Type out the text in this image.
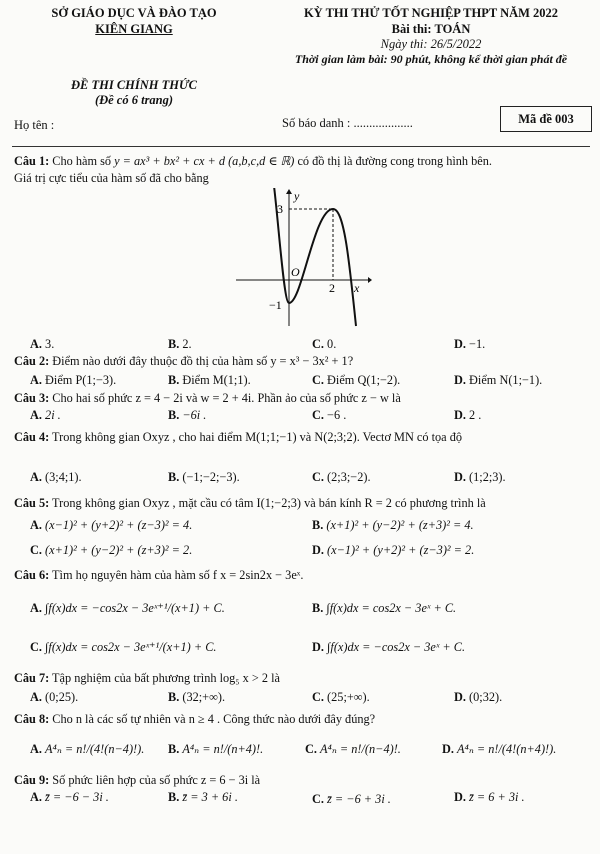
SỞ GIÁO DỤC VÀ ĐÀO TẠO
KIÊN GIANG
ĐỀ THI CHÍNH THỨC
(Đề có 6 trang)
KỲ THI THỬ TỐT NGHIỆP THPT NĂM 2022
Bài thi: TOÁN
Ngày thi: 26/5/2022
Thời gian làm bài: 90 phút, không kể thời gian phát đề
Họ tên :	Số báo danh : ...................	Mã đề 003
Câu 1: Cho hàm số y = ax³ + bx² + cx + d (a,b,c,d ∈ ℝ) có đồ thị là đường cong trong hình bên.
Giá trị cực tiểu của hàm số đã cho bằng
y
x
O
3
2
−1
A. 3.	B. 2.	C. 0.	D. −1.
Câu 2: Điểm nào dưới đây thuộc đồ thị của hàm số y = x³ − 3x² + 1?
A. Điểm P(1;−3).	B. Điểm M(1;1).	C. Điểm Q(1;−2).	D. Điểm N(1;−1).
Câu 3: Cho hai số phức z = 4 − 2i và w = 2 + 4i. Phần ảo của số phức z − w là
A. 2i .	B. −6i .	C. −6 .	D. 2 .
Câu 4: Trong không gian Oxyz , cho hai điểm M(1;1;−1) và N(2;3;2). Vectơ MN có tọa độ
A. (3;4;1).	B. (−1;−2;−3).	C. (2;3;−2).	D. (1;2;3).
Câu 5: Trong không gian Oxyz , mặt cầu có tâm I(1;−2;3) và bán kính R = 2 có phương trình là
A. (x−1)² + (y+2)² + (z−3)² = 4.	B. (x+1)² + (y−2)² + (z+3)² = 4.
C. (x+1)² + (y−2)² + (z+3)² = 2.	D. (x−1)² + (y+2)² + (z−3)² = 2.
Câu 6: Tìm họ nguyên hàm của hàm số f x = 2sin2x − 3eˣ.
A. ∫f(x)dx = −cos2x − 3eˣ⁺¹/(x+1) + C.	B. ∫f(x)dx = cos2x − 3eˣ + C.
C. ∫f(x)dx = cos2x − 3eˣ⁺¹/(x+1) + C.	D. ∫f(x)dx = −cos2x − 3eˣ + C.
Câu 7: Tập nghiệm của bất phương trình log₅ x > 2 là
A. (0;25).	B. (32;+∞).	C. (25;+∞).	D. (0;32).
Câu 8: Cho n là các số tự nhiên và n ≥ 4 . Công thức nào dưới đây đúng?
A. A⁴ₙ = n!/(4!(n−4)!). B. A⁴ₙ = n!/(n+4)!.	C. A⁴ₙ = n!/(n−4)!.	D. A⁴ₙ = n!/(4!(n+4)!).
Câu 9: Số phức liên hợp của số phức z = 6 − 3i là
A. z̄ = −6 − 3i .	B. z̄ = 3 + 6i .	C. z̄ = −6 + 3i .	D. z̄ = 6 + 3i .
